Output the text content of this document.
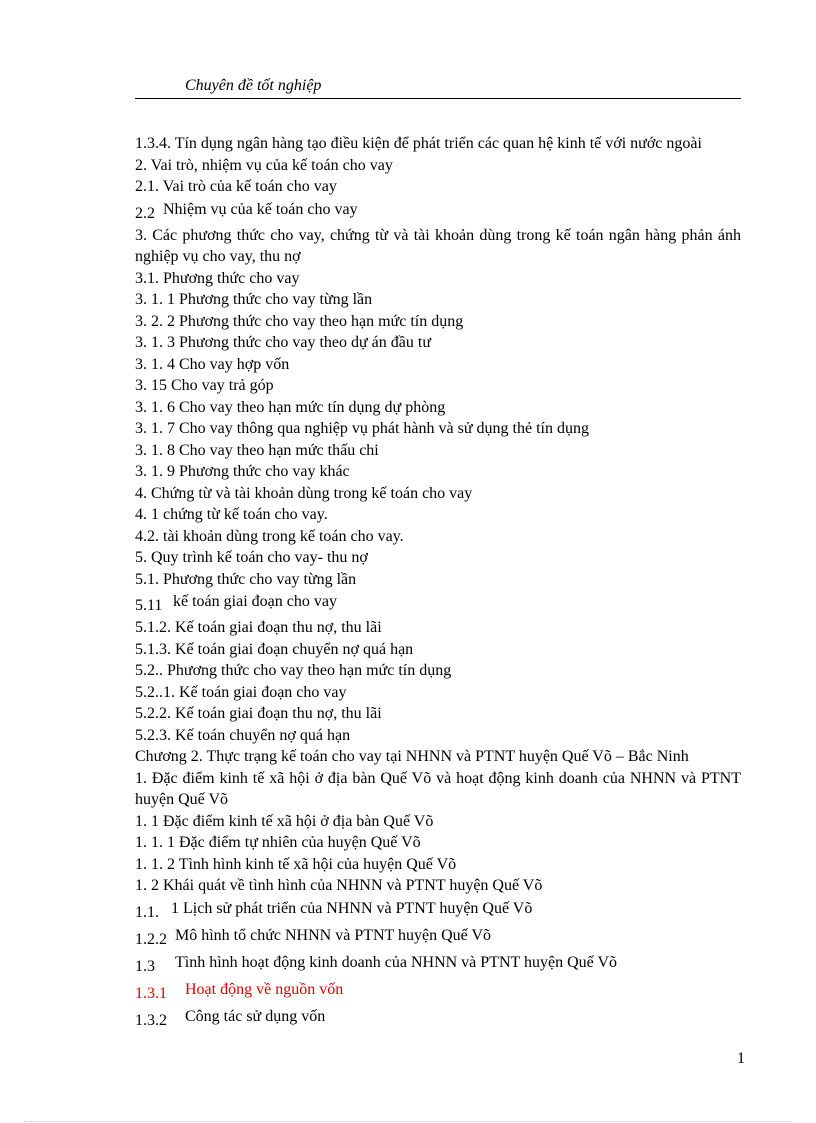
Chuyên đề tốt nghiệp
1.3.4. Tín dụng ngân hàng tạo điều kiện để phát triển các quan hệ kinh tế với nước ngoài
2. Vai trò, nhiệm vụ của kế toán cho vay
2.1. Vai trò của kế toán cho vay
2.2 Nhiệm vụ của kế toán cho vay
3. Các phương thức cho vay, chứng từ và tài khoản dùng trong kế toán ngân hàng phản ánh nghiệp vụ cho vay, thu nợ
3.1. Phương thức cho vay
3. 1. 1 Phương thức cho vay từng lần
3. 2. 2 Phương thức cho vay theo hạn mức tín dụng
3. 1. 3 Phương thức cho vay theo dự án đầu tư
3. 1. 4 Cho vay hợp vốn
3. 15 Cho vay trả góp
3. 1. 6 Cho vay theo hạn mức tín dụng dự phòng
3. 1. 7 Cho vay thông qua nghiệp vụ phát hành và sử dụng thẻ tín dụng
3. 1. 8 Cho vay theo hạn mức thấu chi
3. 1. 9 Phương thức cho vay khác
4. Chứng từ và tài khoản dùng trong kế toán cho vay
4. 1 chứng từ kế toán cho vay.
4.2. tài khoản dùng trong kế toán cho vay.
5. Quy trình kế toán cho vay- thu nợ
5.1. Phương thức cho vay từng lần
5.11 kế toán giai đoạn cho vay
5.1.2. Kế toán giai đoạn thu nợ, thu lãi
5.1.3. Kế toán giai đoạn chuyển nợ quá hạn
5.2.. Phương thức cho vay theo hạn mức tín dụng
5.2..1. Kế toán giai đoạn cho vay
5.2.2. Kế toán giai đoạn thu nợ, thu lãi
5.2.3. Kế toán chuyển nợ quá hạn
Chương 2. Thực trạng kế toán cho vay tại NHNN và PTNT huyện Quế Võ – Bắc Ninh
1. Đặc điểm kinh tế xã hội ở địa bàn Quế Võ và hoạt động kinh doanh của NHNN và PTNT huyện Quế Võ
1. 1 Đặc điểm kinh tế xã hội ở địa bàn Quế Võ
1. 1. 1 Đặc điểm tự nhiên của huyện Quế Võ
1. 1. 2 Tình hình kinh tế xã hội của huyện Quế Võ
1. 2 Khái quát về tình hình của NHNN và PTNT huyện Quế Võ
1.1. 1 Lịch sử phát triển của NHNN và PTNT huyện Quế Võ
1.2.2 Mô hình tổ chức NHNN và PTNT huyện Quế Võ
1.3	Tình hình hoạt động kinh doanh của NHNN và PTNT huyện Quế Võ
1.3.1	Hoạt động về nguồn vốn
1.3.2	Công tác sử dụng vốn
1
